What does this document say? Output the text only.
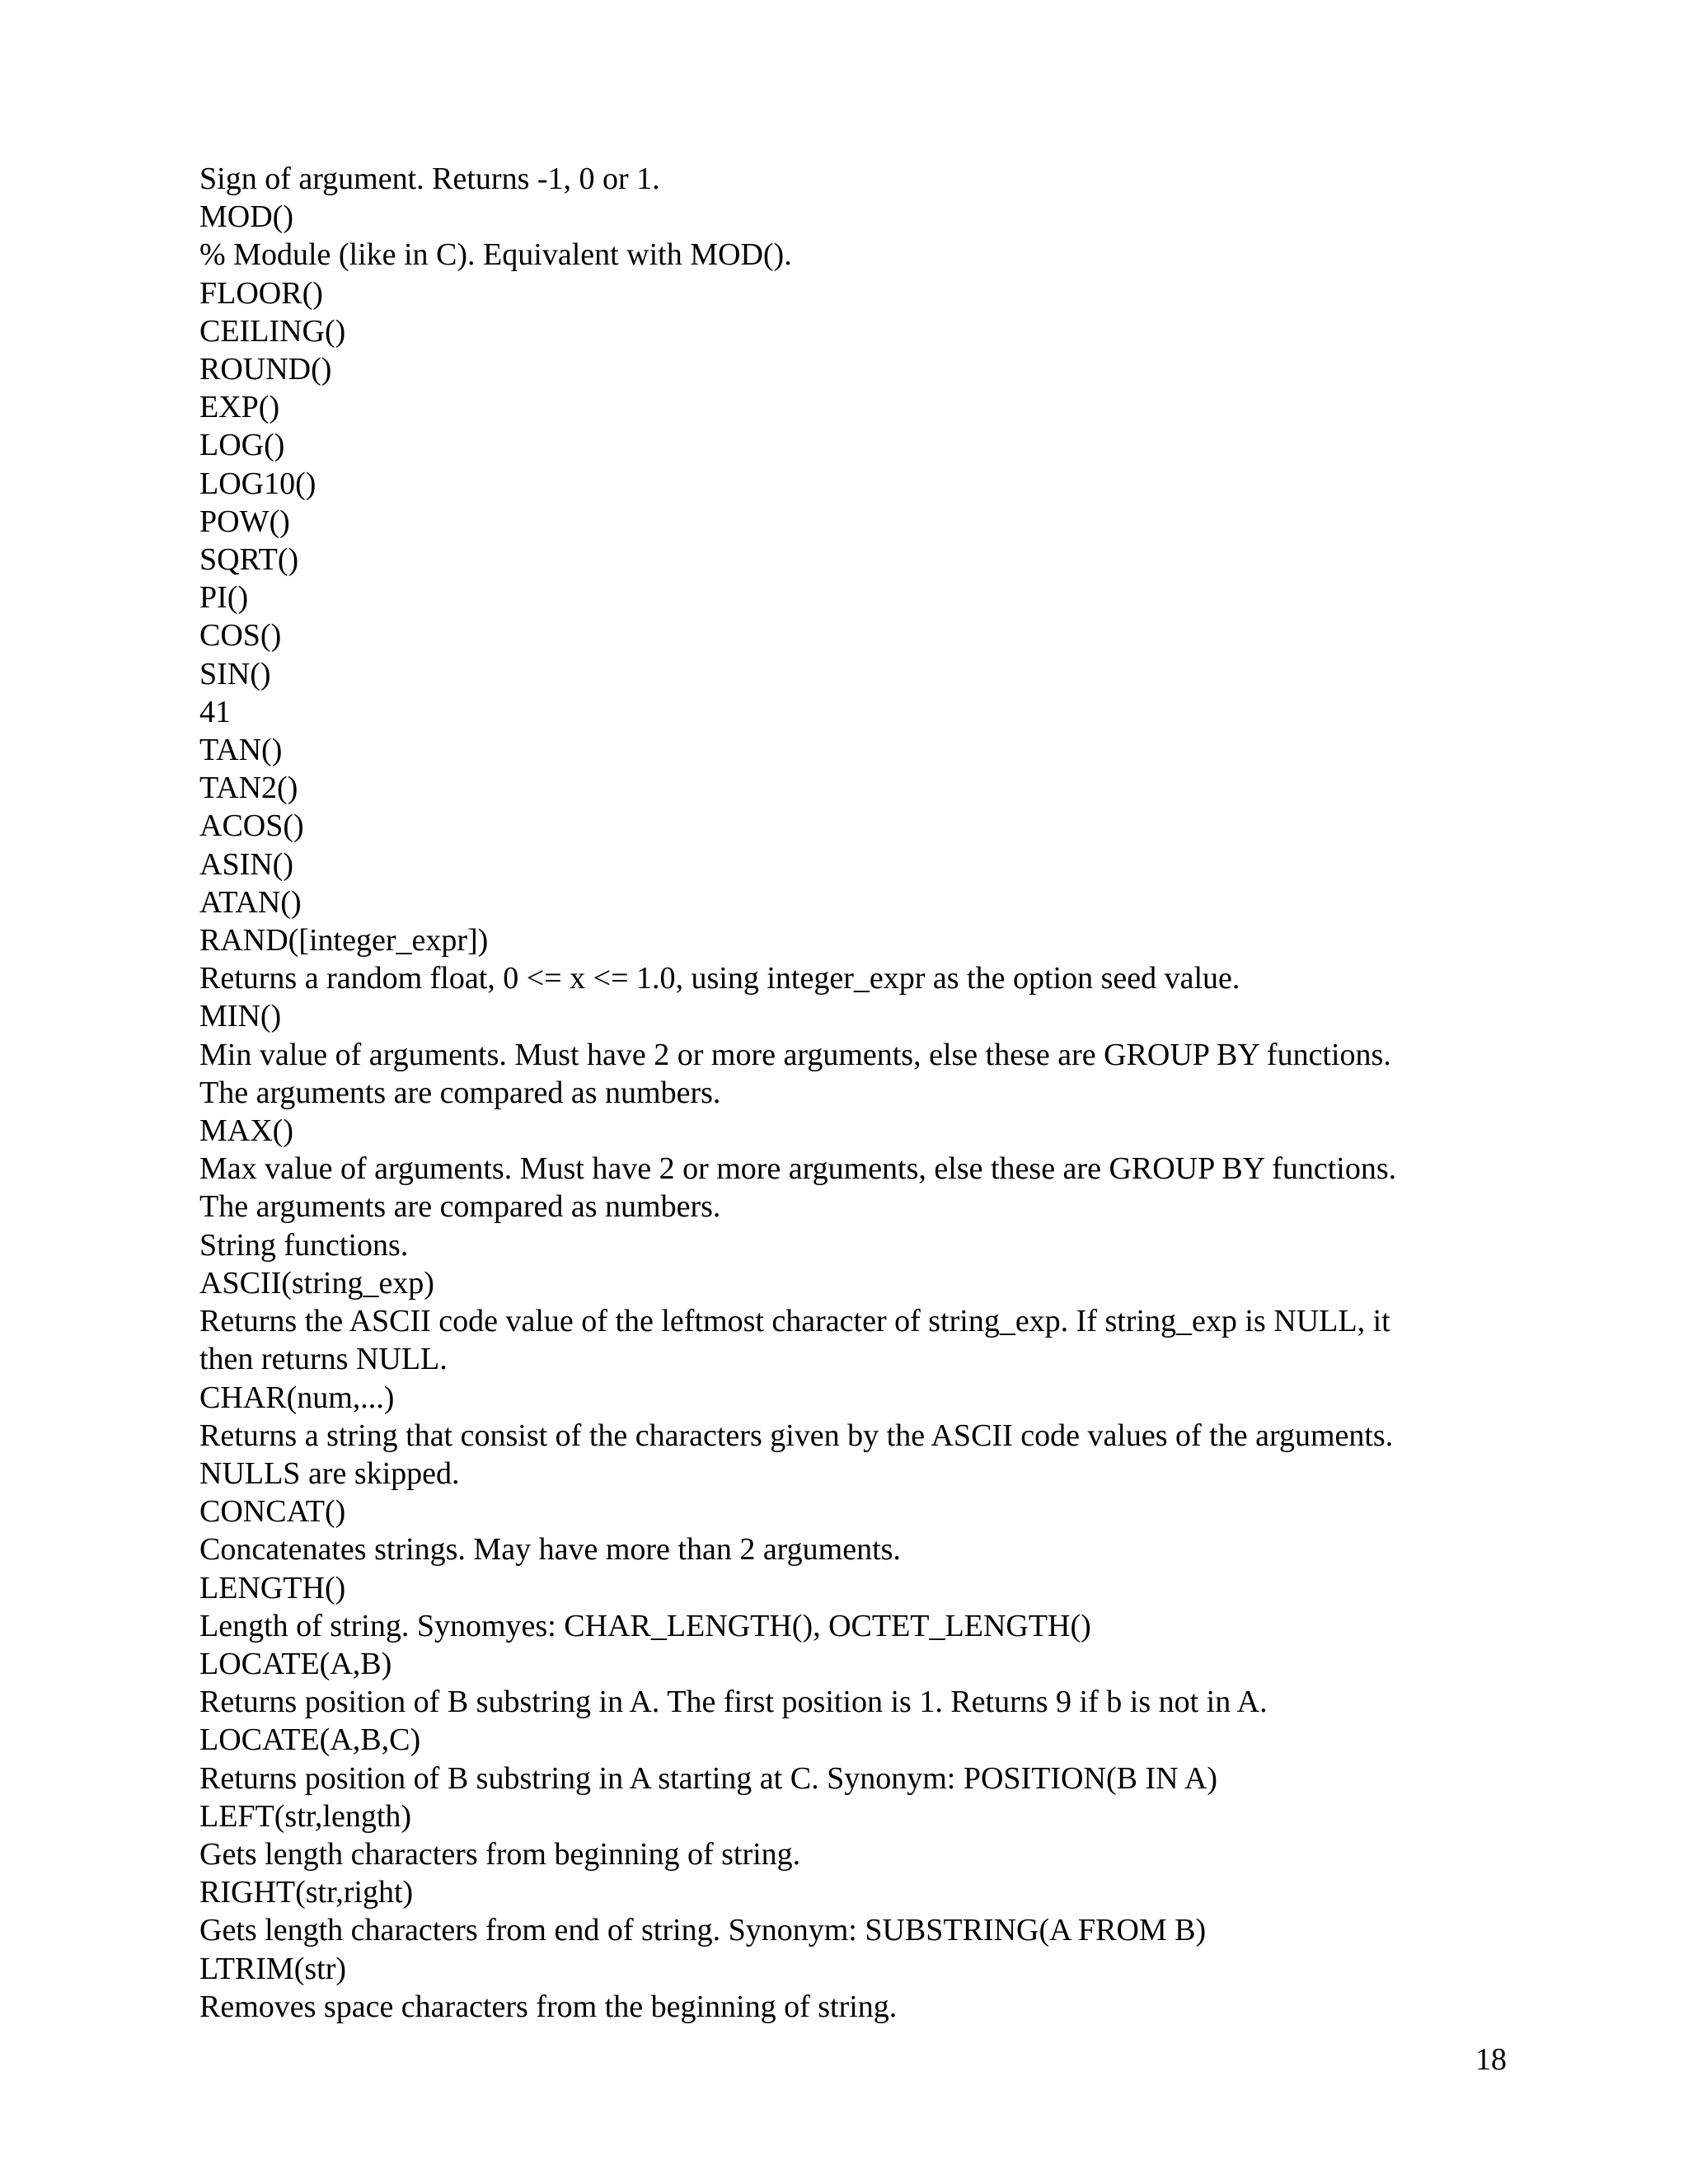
Sign of argument. Returns -1, 0 or 1.
MOD()
% Module (like in C). Equivalent with MOD().
FLOOR()
CEILING()
ROUND()
EXP()
LOG()
LOG10()
POW()
SQRT()
PI()
COS()
SIN()
41
TAN()
TAN2()
ACOS()
ASIN()
ATAN()
RAND([integer_expr])
Returns a random float, 0 <= x <= 1.0, using integer_expr as the option seed value.
MIN()
Min value of arguments. Must have 2 or more arguments, else these are GROUP BY functions.
The arguments are compared as numbers.
MAX()
Max value of arguments. Must have 2 or more arguments, else these are GROUP BY functions.
The arguments are compared as numbers.
String functions.
ASCII(string_exp)
Returns the ASCII code value of the leftmost character of string_exp. If string_exp is NULL, it
then returns NULL.
CHAR(num,...)
Returns a string that consist of the characters given by the ASCII code values of the arguments.
NULLS are skipped.
CONCAT()
Concatenates strings. May have more than 2 arguments.
LENGTH()
Length of string. Synomyes: CHAR_LENGTH(), OCTET_LENGTH()
LOCATE(A,B)
Returns position of B substring in A. The first position is 1. Returns 9 if b is not in A.
LOCATE(A,B,C)
Returns position of B substring in A starting at C. Synonym: POSITION(B IN A)
LEFT(str,length)
Gets length characters from beginning of string.
RIGHT(str,right)
Gets length characters from end of string. Synonym: SUBSTRING(A FROM B)
LTRIM(str)
Removes space characters from the beginning of string.
18
